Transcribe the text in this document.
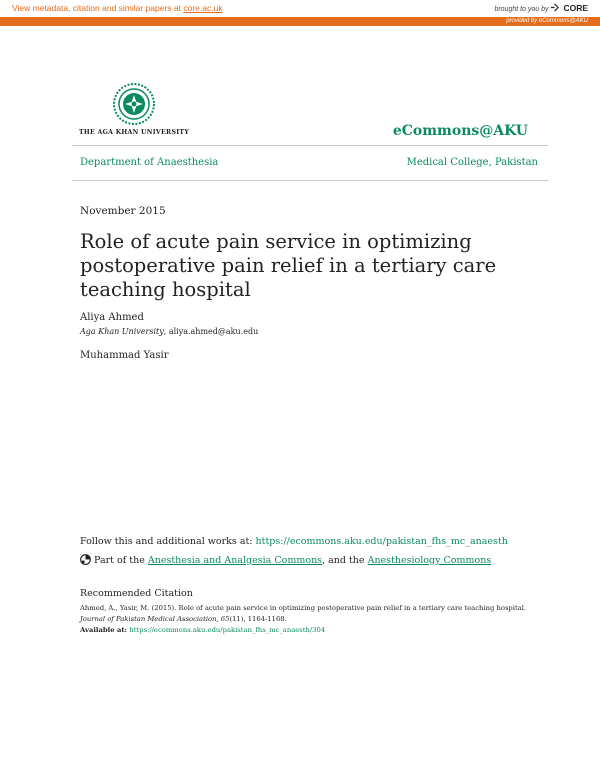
View metadata, citation and similar papers at core.ac.uk	brought to you by CORE
provided by eCommons@AKU
THE AGA KHAN UNIVERSITY	eCommons@AKU
Department of Anaesthesia	Medical College, Pakistan
November 2015
Role of acute pain service in optimizing postoperative pain relief in a tertiary care teaching hospital
Aliya Ahmed
Aga Khan University, aliya.ahmed@aku.edu
Muhammad Yasir
Follow this and additional works at: https://ecommons.aku.edu/pakistan_fhs_mc_anaesth
Part of the Anesthesia and Analgesia Commons, and the Anesthesiology Commons
Recommended Citation
Ahmed, A., Yasir, M. (2015). Role of acute pain service in optimizing postoperative pain relief in a tertiary care teaching hospital.
Journal of Pakistan Medical Association, 65(11), 1164-1168.
Available at: https://ecommons.aku.edu/pakistan_fhs_mc_anaesth/304
